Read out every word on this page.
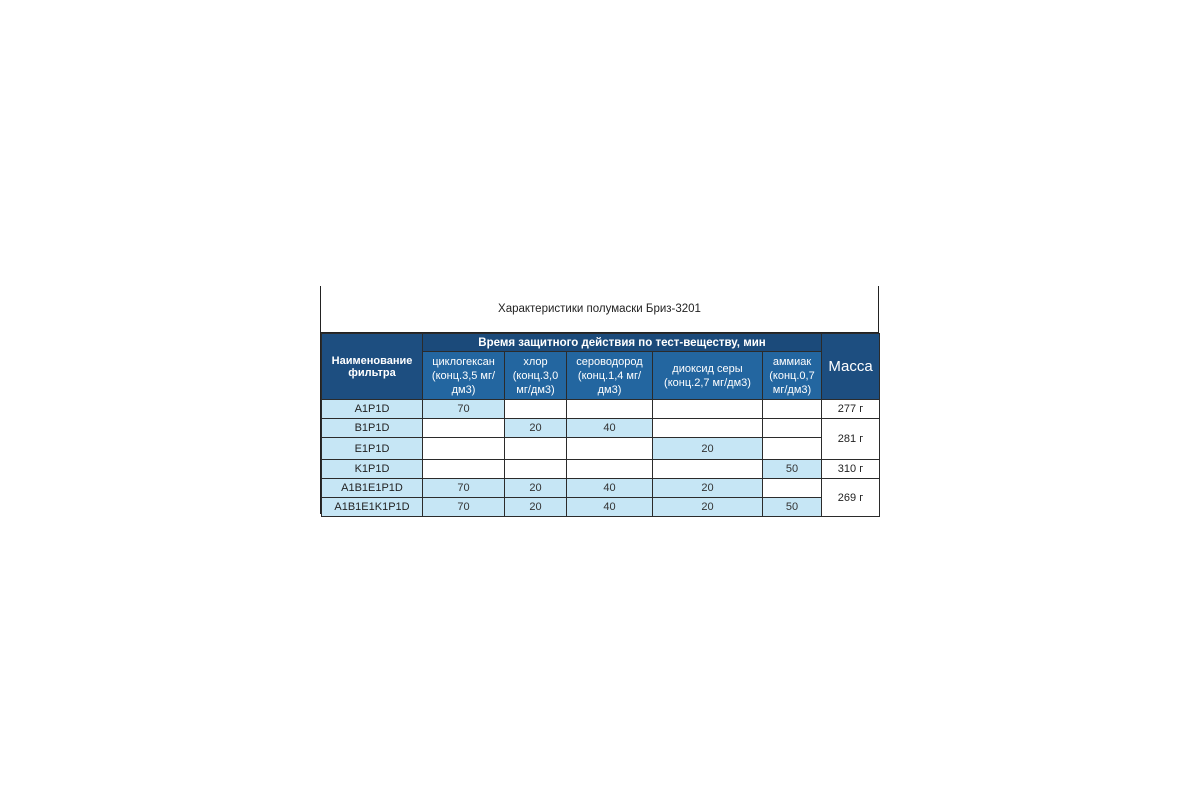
Характеристики полумаски Бриз-3201
Наименование фильтра	Время защитного действия по тест-веществу, мин					Масса
	циклогексан (конц.3,5 мг/дм3)	хлор (конц.3,0 мг/дм3)	сероводород (конц.1,4 мг/дм3)	диоксид серы (конц.2,7 мг/дм3)	аммиак (конц.0,7 мг/дм3)	
A1P1D	70					277 г
B1P1D		20	40			281 г
E1P1D				20		
K1P1D					50	310 г
A1B1E1P1D	70	20	40	20		269 г
A1B1E1K1P1D	70	20	40	20	50	
